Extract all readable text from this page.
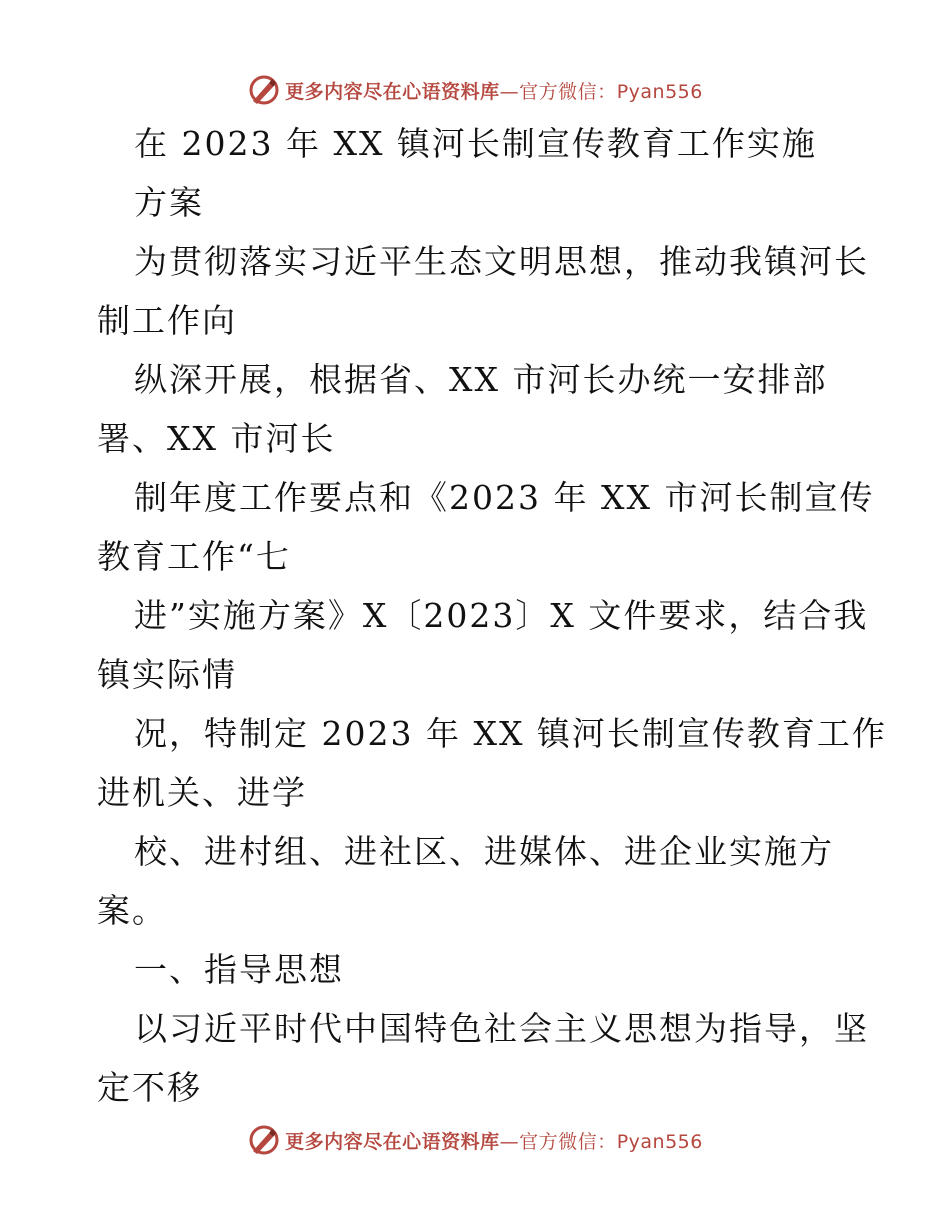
更多内容尽在心语资料库—官方微信：Pyan556
在 2023 年 XX 镇河长制宣传教育工作实施
方案
为贯彻落实习近平生态文明思想，推动我镇河长
制工作向
纵深开展，根据省、XX 市河长办统一安排部
署、XX 市河长
制年度工作要点和《2023 年 XX 市河长制宣传
教育工作“七
进”实施方案》X〔2023〕X 文件要求，结合我
镇实际情
况，特制定 2023 年 XX 镇河长制宣传教育工作
进机关、进学
校、进村组、进社区、进媒体、进企业实施方
案。
一、指导思想
以习近平时代中国特色社会主义思想为指导，坚
定不移
更多内容尽在心语资料库—官方微信：Pyan556
